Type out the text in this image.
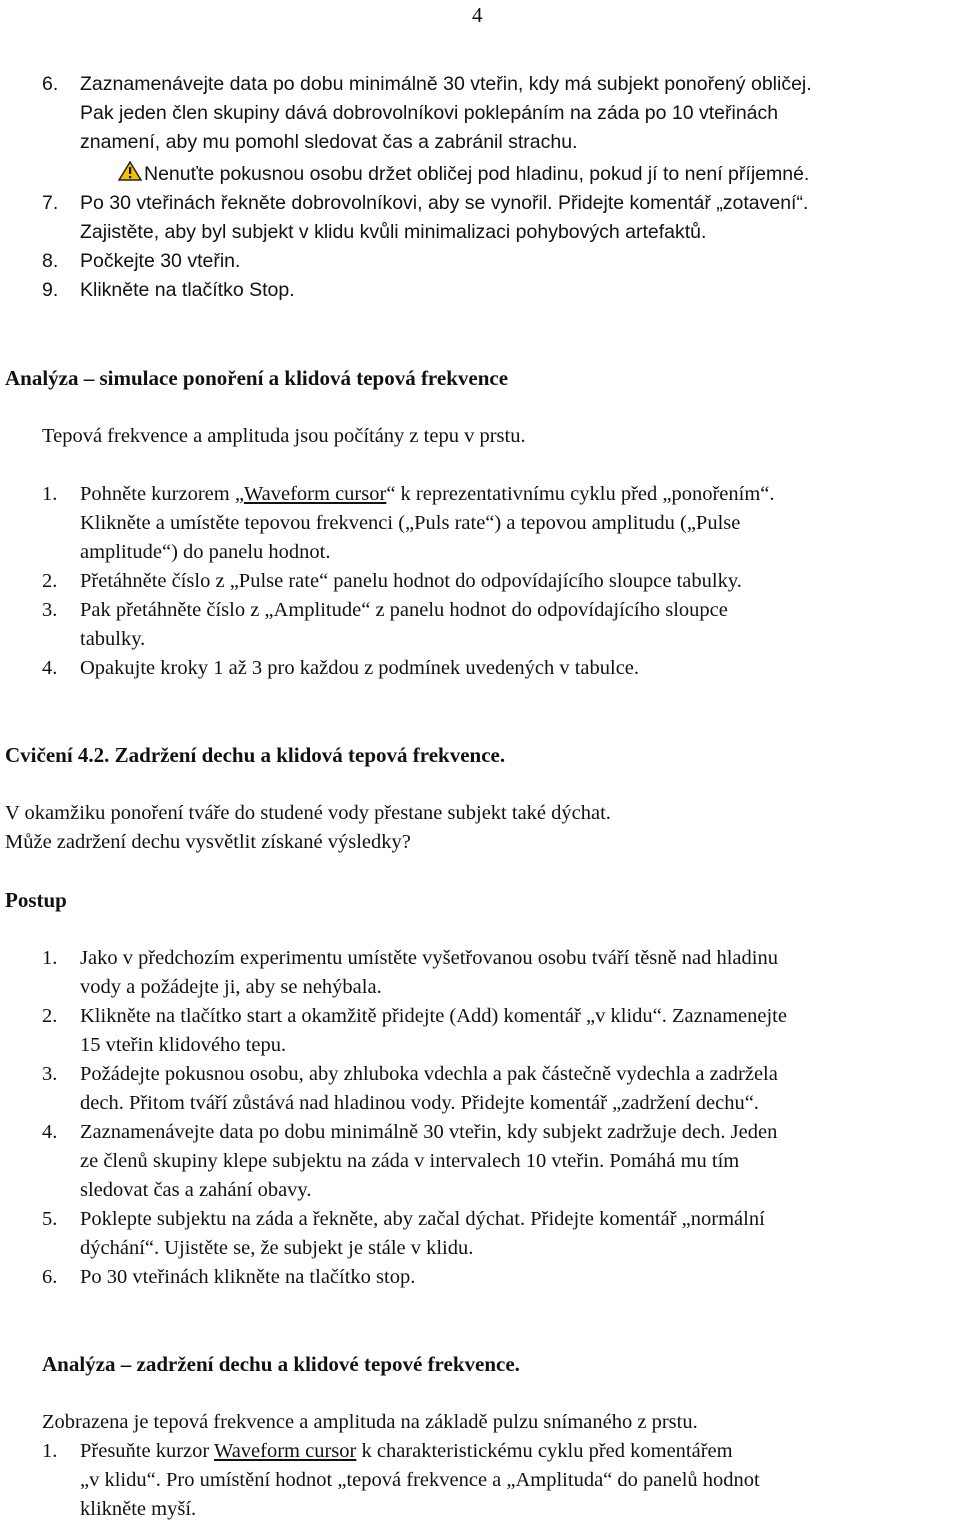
4
6.	Zaznamenávejte data po dobu minimálně 30 vteřin, kdy má subjekt ponořený obličej.
Pak jeden člen skupiny dává dobrovolníkovi poklepáním na záda po 10 vteřinách
znamení, aby mu pomohl sledovat čas a zabránil strachu.
Nenuťte pokusnou osobu držet obličej pod hladinu, pokud jí to není příjemné.
7.	Po 30 vteřinách řekněte dobrovolníkovi, aby se vynořil. Přidejte komentář „zotavení“.
Zajistěte, aby byl subjekt v klidu kvůli minimalizaci pohybových artefaktů.
8.	Počkejte 30 vteřin.
9.	Klikněte na tlačítko Stop.
Analýza – simulace ponoření a klidová tepová frekvence
Tepová frekvence a amplituda jsou počítány z tepu v prstu.
1.	Pohněte kurzorem „Waveform cursor“ k reprezentativnímu cyklu před „ponořením“.
Klikněte a umístěte tepovou frekvenci („Puls rate“) a tepovou amplitudu („Pulse
amplitude“) do panelu hodnot.
2.	Přetáhněte číslo z „Pulse rate“ panelu hodnot do odpovídajícího sloupce tabulky.
3.	Pak přetáhněte číslo z „Amplitude“ z panelu hodnot do odpovídajícího sloupce
tabulky.
4.	Opakujte kroky 1 až 3 pro každou z podmínek uvedených v tabulce.
Cvičení 4.2. Zadržení dechu a klidová tepová frekvence.
V okamžiku ponoření tváře do studené vody přestane subjekt také dýchat.
Může zadržení dechu vysvětlit získané výsledky?
Postup
1.	Jako v předchozím experimentu umístěte vyšetřovanou osobu tváří těsně nad hladinu
vody a požádejte ji, aby se nehýbala.
2.	Klikněte na tlačítko start a okamžitě přidejte (Add) komentář „v klidu“. Zaznamenejte
15 vteřin klidového tepu.
3.	Požádejte pokusnou osobu, aby zhluboka vdechla a pak částečně vydechla a zadržela
dech. Přitom tváří zůstává nad hladinou vody. Přidejte komentář „zadržení dechu“.
4.	Zaznamenávejte data po dobu minimálně 30 vteřin, kdy subjekt zadržuje dech. Jeden
ze členů skupiny klepe subjektu na záda v intervalech 10 vteřin. Pomáhá mu tím
sledovat čas a zahání obavy.
5.	Poklepte subjektu na záda a řekněte, aby začal dýchat. Přidejte komentář „normální
dýchání“. Ujistěte se, že subjekt je stále v klidu.
6.	Po 30 vteřinách klikněte na tlačítko stop.
Analýza – zadržení dechu a klidové tepové frekvence.
Zobrazena je tepová frekvence a amplituda na základě pulzu snímaného z prstu.
1.	Přesuňte kurzor Waveform cursor k charakteristickému cyklu před komentářem
„v klidu“. Pro umístění hodnot „tepová frekvence a „Amplituda“ do panelů hodnot
klikněte myší.
